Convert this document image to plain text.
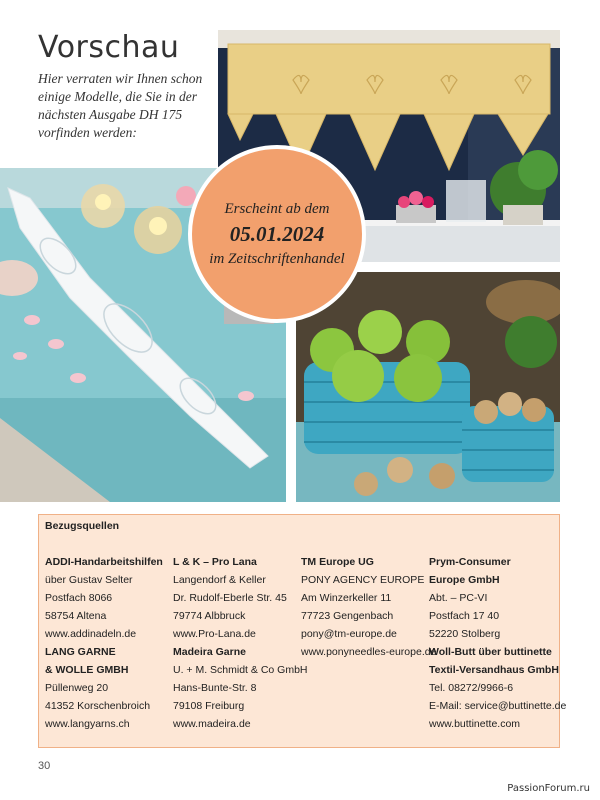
Vorschau
Hier verraten wir Ihnen schon einige Modelle, die Sie in der nächsten Ausgabe DH 175 vorfinden werden:
Erscheint ab dem
05.01.2024
im Zeitschriftenhandel
Bezugsquellen
ADDI-Handarbeitshilfen
über Gustav Selter
Postfach 8066
58754 Altena
www.addinadeln.de
LANG GARNE
& WOLLE GMBH
Püllenweg 20
41352 Korschenbroich
www.langyarns.ch
L & K – Pro Lana
Langendorf & Keller
Dr. Rudolf-Eberle Str. 45
79774 Albbruck
www.Pro-Lana.de
Madeira Garne
U. + M. Schmidt & Co GmbH
Hans-Bunte-Str. 8
79108 Freiburg
www.madeira.de
TM Europe UG
PONY AGENCY EUROPE
Am Winzerkeller 11
77723 Gengenbach
pony@tm-europe.de
www.ponyneedles-europe.de
Prym-Consumer
Europe GmbH
Abt. – PC-VI
Postfach 17 40
52220 Stolberg
Woll-Butt über buttinette
Textil-Versandhaus GmbH
Tel. 08272/9966-6
E-Mail: service@buttinette.de
www.buttinette.com
30
PassionForum.ru
